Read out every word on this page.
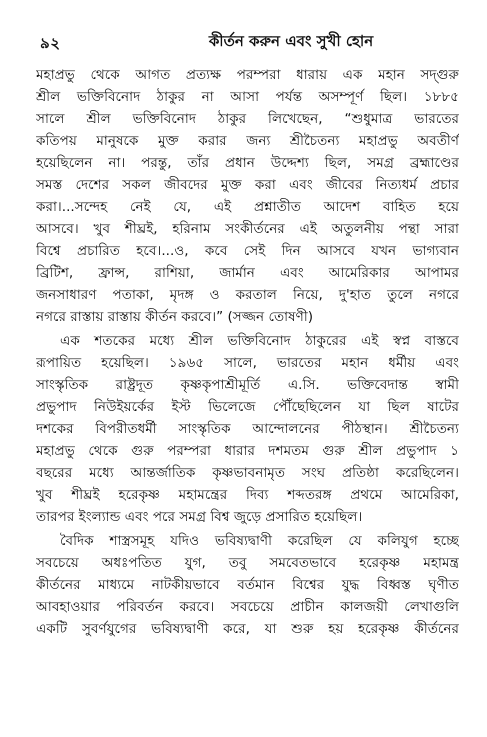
৯২	কীর্তন করুন এবং সুখী হোন
মহাপ্রভু থেকে আগত প্রত্যক্ষ পরম্পরা ধারায় এক মহান সদ্গুরু
শ্রীল ভক্তিবিনোদ ঠাকুর না আসা পর্যন্ত অসম্পূর্ণ ছিল। ১৮৮৫
সালে শ্রীল ভক্তিবিনোদ ঠাকুর লিখেছেন, “শুধুমাত্র ভারতের
কতিপয় মানুষকে মুক্ত করার জন্য শ্রীচৈতন্য মহাপ্রভু অবতীর্ণ
হয়েছিলেন না। পরন্তু, তাঁর প্রধান উদ্দেশ্য ছিল, সমগ্র ব্রহ্মাণ্ডের
সমস্ত দেশের সকল জীবদের মুক্ত করা এবং জীবের নিত্যধর্ম প্রচার
করা।...সন্দেহ নেই যে, এই প্রশ্নাতীত আদেশ বাহিত হয়ে
আসবে। খুব শীঘ্রই, হরিনাম সংকীর্তনের এই অতুলনীয় পন্থা সারা
বিশ্বে প্রচারিত হবে।...ও, কবে সেই দিন আসবে যখন ভাগ্যবান
ব্রিটিশ, ফ্রান্স, রাশিয়া, জার্মান এবং আমেরিকার আপামর
জনসাধারণ পতাকা, মৃদঙ্গ ও করতাল নিয়ে, দু'হাত তুলে নগরে
নগরে রাস্তায় রাস্তায় কীর্তন করবে।” (সজ্জন তোষণী)
এক শতকের মধ্যে শ্রীল ভক্তিবিনোদ ঠাকুরের এই স্বপ্ন বাস্তবে
রূপায়িত হয়েছিল। ১৯৬৫ সালে, ভারতের মহান ধর্মীয় এবং
সাংস্কৃতিক রাষ্ট্রদূত কৃষ্ণকৃপাশ্রীমূর্তি এ.সি. ভক্তিবেদান্ত স্বামী
প্রভুপাদ নিউইয়র্কের ইস্ট ভিলেজে পৌঁছেছিলেন যা ছিল ষাটের
দশকের বিপরীতধর্মী সাংস্কৃতিক আন্দোলনের পীঠস্থান। শ্রীচৈতন্য
মহাপ্রভু থেকে গুরু পরম্পরা ধারার দশমতম গুরু শ্রীল প্রভুপাদ ১
বছরের মধ্যে আন্তর্জাতিক কৃষ্ণভাবনামৃত সংঘ প্রতিষ্ঠা করেছিলেন।
খুব শীঘ্রই হরেকৃষ্ণ মহামন্ত্রের দিব্য শব্দতরঙ্গ প্রথমে আমেরিকা,
তারপর ইংল্যান্ড এবং পরে সমগ্র বিশ্ব জুড়ে প্রসারিত হয়েছিল।
বৈদিক শাস্ত্রসমূহ যদিও ভবিষ্যদ্বাণী করেছিল যে কলিযুগ হচ্ছে
সবচেয়ে অধঃপতিত যুগ, তবু সমবেতভাবে হরেকৃষ্ণ মহামন্ত্র
কীর্তনের মাধ্যমে নাটকীয়ভাবে বর্তমান বিশ্বের যুদ্ধ বিধ্বস্ত ঘৃণীত
আবহাওয়ার পরিবর্তন করবে। সবচেয়ে প্রাচীন কালজয়ী লেখাগুলি
একটি সুবর্ণযুগের ভবিষ্যদ্বাণী করে, যা শুরু হয় হরেকৃষ্ণ কীর্তনের
